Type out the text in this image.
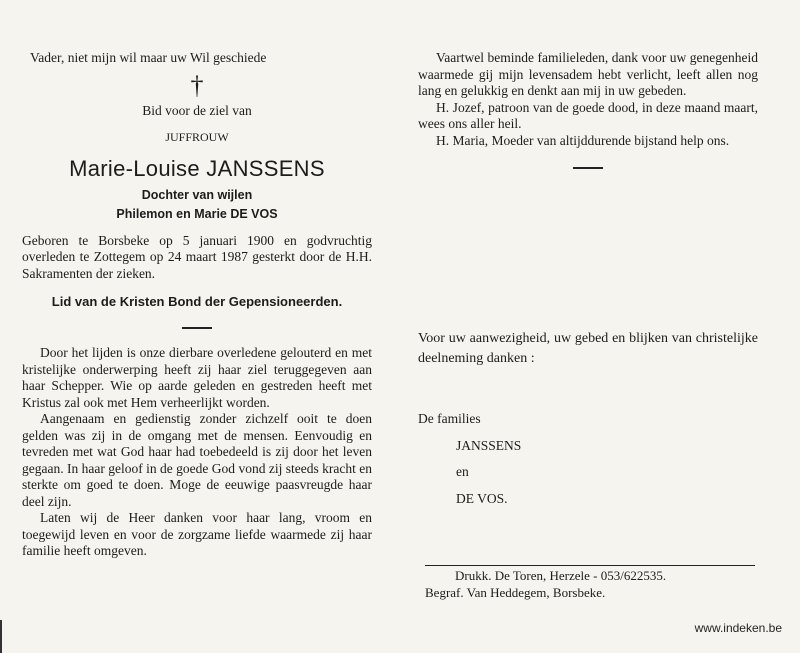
Vader, niet mijn wil maar uw Wil geschiede

†

Bid voor de ziel van

JUFFROUW

Marie-Louise JANSSENS
Dochter van wijlen
Philemon en Marie DE VOS

Geboren te Borsbeke op 5 januari 1900 en godvruchtig overleden te Zottegem op 24 maart 1987 gesterkt door de H.H. Sakramenten der zieken.

Lid van de Kristen Bond der Gepensioneerden.

Door het lijden is onze dierbare overledene gelouterd en met kristelijke onderwerping heeft zij haar ziel teruggegeven aan haar Schepper. Wie op aarde geleden en gestreden heeft met Kristus zal ook met Hem verheerlijkt worden.

Aangenaam en gedienstig zonder zichzelf ooit te doen gelden was zij in de omgang met de mensen. Eenvoudig en tevreden met wat God haar had toebedeeld is zij door het leven gegaan. In haar geloof in de goede God vond zij steeds kracht en sterkte om goed te doen. Moge de eeuwige paasvreugde haar deel zijn.

Laten wij de Heer danken voor haar lang, vroom en toegewijd leven en voor de zorgzame liefde waarmede zij haar familie heeft omgeven.

Vaartwel beminde familieleden, dank voor uw genegenheid waarmede gij mijn levensadem hebt verlicht, leeft allen nog lang en gelukkig en denkt aan mij in uw gebeden.

H. Jozef, patroon van de goede dood, in deze maand maart, wees ons aller heil.

H. Maria, Moeder van altijddurende bijstand help ons.

Voor uw aanwezigheid, uw gebed en blijken van christelijke deelneming danken :

De families

JANSSENS

en

DE VOS.

Drukk. De Toren, Herzele - 053/622535.

Begraf. Van Heddegem, Borsbeke.

www.indeken.be
